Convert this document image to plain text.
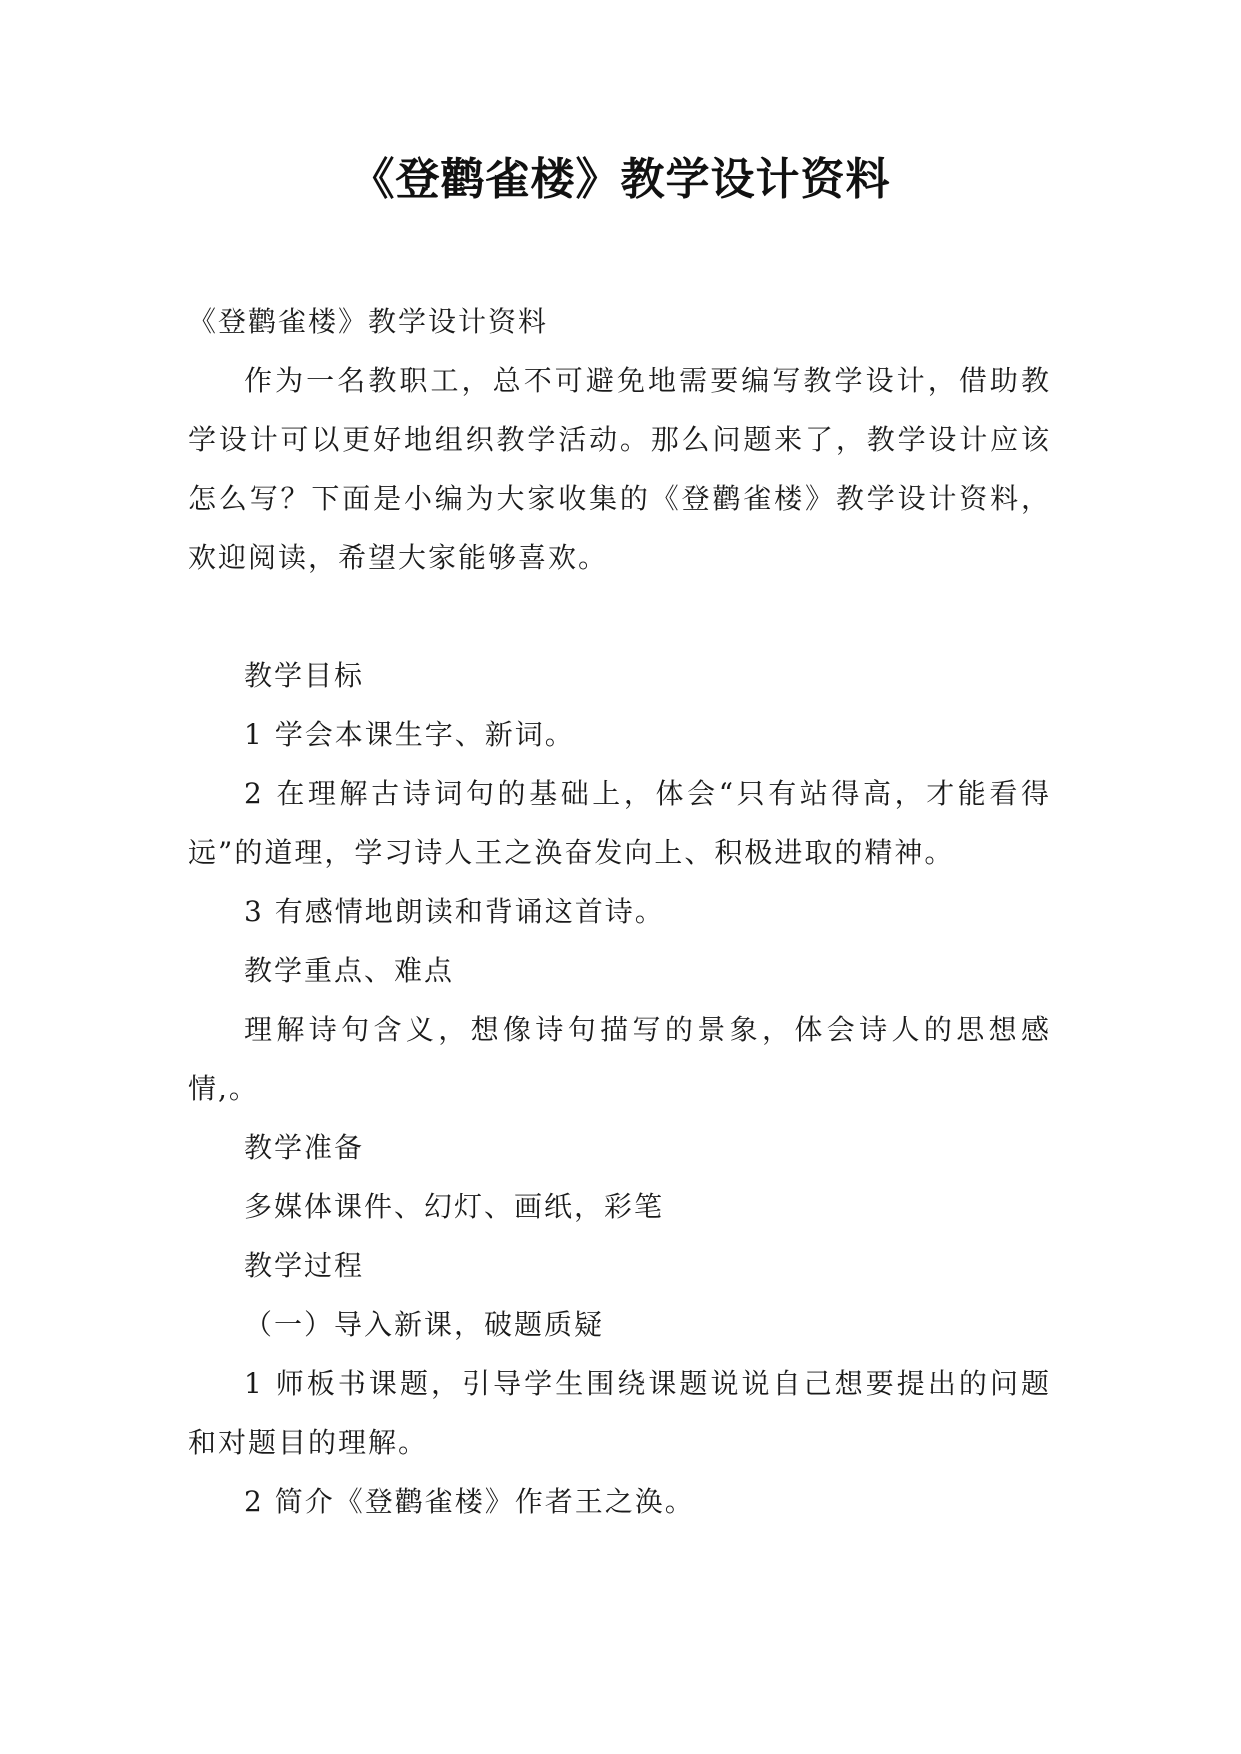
《登鹳雀楼》教学设计资料

《登鹳雀楼》教学设计资料

作为一名教职工，总不可避免地需要编写教学设计，借助教学设计可以更好地组织教学活动。那么问题来了，教学设计应该怎么写？下面是小编为大家收集的《登鹳雀楼》教学设计资料，欢迎阅读，希望大家能够喜欢。

教学目标

1 学会本课生字、新词。

2 在理解古诗词句的基础上，体会“只有站得高，才能看得远”的道理，学习诗人王之涣奋发向上、积极进取的精神。

3 有感情地朗读和背诵这首诗。

教学重点、难点

理解诗句含义，想像诗句描写的景象，体会诗人的思想感情,。

教学准备

多媒体课件、幻灯、画纸，彩笔

教学过程

（一）导入新课，破题质疑

1 师板书课题，引导学生围绕课题说说自己想要提出的问题和对题目的理解。

2 简介《登鹳雀楼》作者王之涣。
